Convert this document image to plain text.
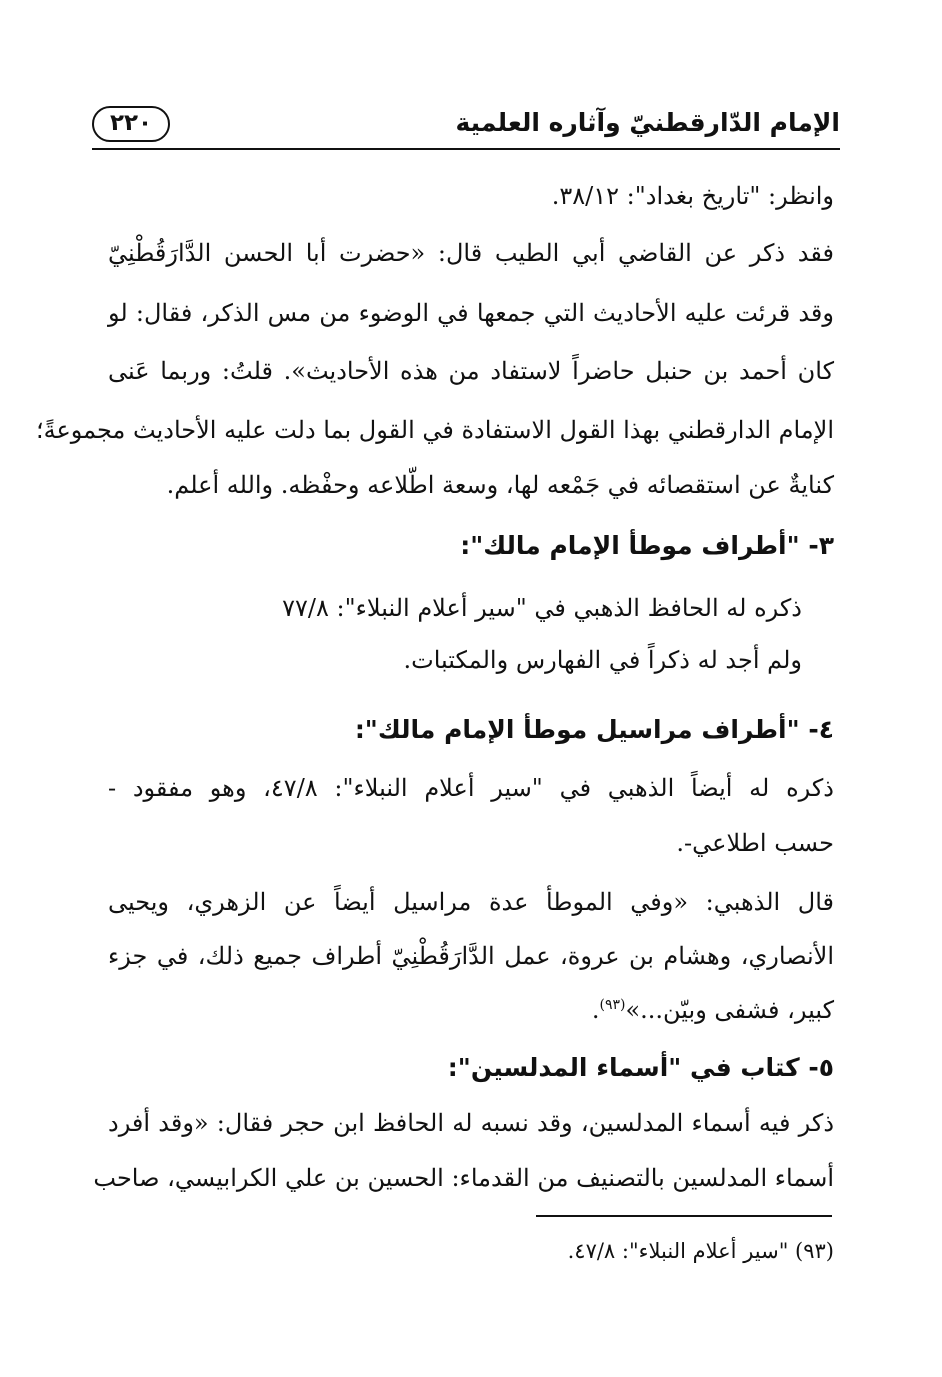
الإمام الدّارقطنيّ وآثاره العلمية
٢٢٠
وانظر: "تاريخ بغداد": ٣٨/١٢.
فقد ذكر عن القاضي أبي الطيب قال: «حضرت أبا الحسن الدَّارَقُطْنِيّ
وقد قرئت عليه الأحاديث التي جمعها في الوضوء من مس الذكر، فقال: لو
كان أحمد بن حنبل حاضراً لاستفاد من هذه الأحاديث». قلتُ: وربما عَنى
الإمام الدارقطني بهذا القول الاستفادة في القول بما دلت عليه الأحاديث مجموعةً؛
كنايةٌ عن استقصائه في جَمْعه لها، وسعة اطّلاعه وحفْظه. والله أعلم.
٣- "أطراف موطأ الإمام مالك":
ذكره له الحافظ الذهبي في "سير أعلام النبلاء": ٧٧/٨
ولم أجد له ذكراً في الفهارس والمكتبات.
٤- "أطراف مراسيل موطأ الإمام مالك":
ذكره له أيضاً الذهبي في "سير أعلام النبلاء": ٤٧/٨، وهو مفقود -
حسب اطلاعي-.
قال الذهبي: «وفي الموطأ عدة مراسيل أيضاً عن الزهري، ويحيى
الأنصاري، وهشام بن عروة، عمل الدَّارَقُطْنِيّ أطراف جميع ذلك، في جزء
كبير، فشفى وبيّن...»$^{(٩٣)}$.
٥- كتاب في "أسماء المدلسين":
ذكر فيه أسماء المدلسين، وقد نسبه له الحافظ ابن حجر فقال: «وقد أفرد
أسماء المدلسين بالتصنيف من القدماء: الحسين بن علي الكرابيسي، صاحب
(٩٣) "سير أعلام النبلاء": ٤٧/٨.
